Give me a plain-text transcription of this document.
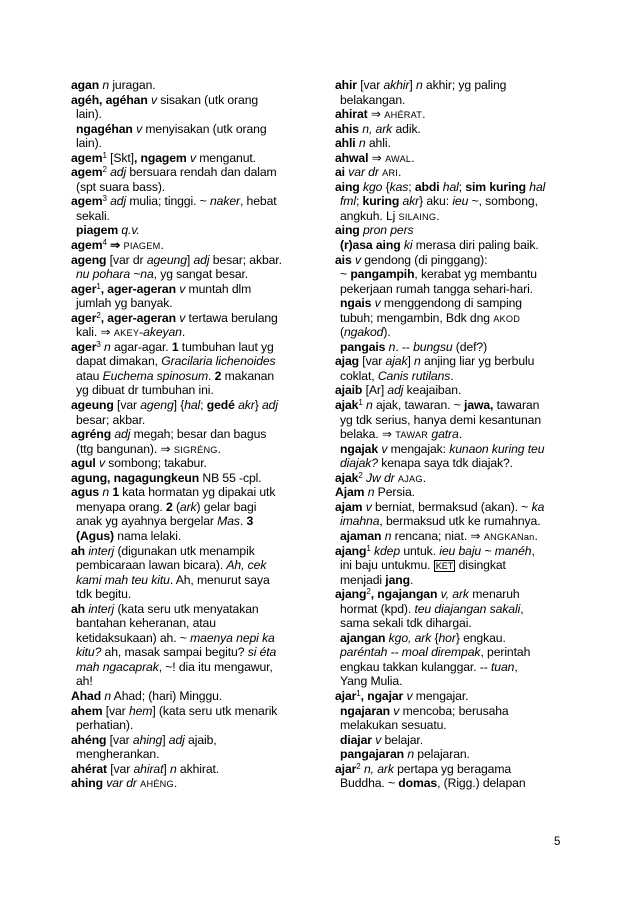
agan n juragan.
agéh, agéhan v sisakan (utk orang
lain).
ngagéhan v menyisakan (utk orang
lain).
agem$^1$ [Skt], ngagem v menganut.
agem$^2$ adj bersuara rendah dan dalam
(spt suara bass).
agem$^3$ adj mulia; tinggi. ~ naker, hebat
sekali.
piagem q.v.
agem$^4$ ⇒ PIAGEM.
ageng [var dr ageung] adj besar; akbar.
nu pohara ~na, yg sangat besar.
ager$^1$, ager-ageran v muntah dlm
jumlah yg banyak.
ager$^2$, ager-ageran v tertawa berulang
kali. ⇒ AKEY-akeyan.
ager$^3$ n agar-agar. 1 tumbuhan laut yg
dapat dimakan, Gracilaria lichenoides
atau Euchema spinosum. 2 makanan
yg dibuat dr tumbuhan ini.
ageung [var ageng] {hal; gedé akr} adj
besar; akbar.
agréng adj megah; besar dan bagus
(ttg bangunan). ⇒ SIGRÉNG.
agul v sombong; takabur.
agung, nagagungkeun NB 55 -cpl.
agus n 1 kata hormatan yg dipakai utk
menyapa orang. 2 (ark) gelar bagi
anak yg ayahnya bergelar Mas. 3
(Agus) nama lelaki.
ah interj (digunakan utk menampik
pembicaraan lawan bicara). Ah, cek
kami mah teu kitu. Ah, menurut saya
tdk begitu.
ah interj (kata seru utk menyatakan
bantahan keheranan, atau
ketidaksukaan) ah. ~ maenya nepi ka
kitu? ah, masak sampai begitu? si éta
mah ngacaprak, ~! dia itu mengawur,
ah!
Ahad n Ahad; (hari) Minggu.
ahem [var hem] (kata seru utk menarik
perhatian).
ahéng [var ahing] adj ajaib,
mengherankan.
ahérat [var ahirat] n akhirat.
ahing var dr AHÉNG.
ahir [var akhir] n akhir; yg paling
belakangan.
ahirat ⇒ AHÉRAT.
ahis n, ark adik.
ahli n ahli.
ahwal ⇒ AWAL.
ai var dr ARI.
aing kgo {kas; abdi hal; sim kuring hal
fml; kuring akr} aku: ieu ~, sombong,
angkuh. Lj SILAING.
aing pron pers
(r)asa aing ki merasa diri paling baik.
ais v gendong (di pinggang):
~ pangampih, kerabat yg membantu
pekerjaan rumah tangga sehari-hari.
ngais v menggendong di samping
tubuh; mengambin, Bdk dng AKOD
(ngakod).
pangais n. -- bungsu (def?)
ajag [var ajak] n anjing liar yg berbulu
coklat, Canis rutilans.
ajaib [Ar] adj keajaiban.
ajak$^1$ n ajak, tawaran. ~ jawa, tawaran
yg tdk serius, hanya demi kesantunan
belaka. ⇒ TAWAR gatra.
ngajak v mengajak: kunaon kuring teu
diajak? kenapa saya tdk diajak?.
ajak$^2$ Jw dr AJAG.
Ajam n Persia.
ajam v berniat, bermaksud (akan). ~ ka
imahna, bermaksud utk ke rumahnya.
ajaman n rencana; niat. ⇒ ANGKANan.
ajang$^1$ kdep untuk. ieu baju ~ manéh,
ini baju untukmu. KET disingkat
menjadi jang.
ajang$^2$, ngajangan v, ark menaruh
hormat (kpd). teu diajangan sakali,
sama sekali tdk dihargai.
ajangan kgo, ark {hor} engkau.
paréntah -- moal dirempak, perintah
engkau takkan kulanggar. -- tuan,
Yang Mulia.
ajar$^1$, ngajar v mengajar.
ngajaran v mencoba; berusaha
melakukan sesuatu.
diajar v belajar.
pangajaran n pelajaran.
ajar$^2$ n, ark pertapa yg beragama
Buddha. ~ domas, (Rigg.) delapan
5
